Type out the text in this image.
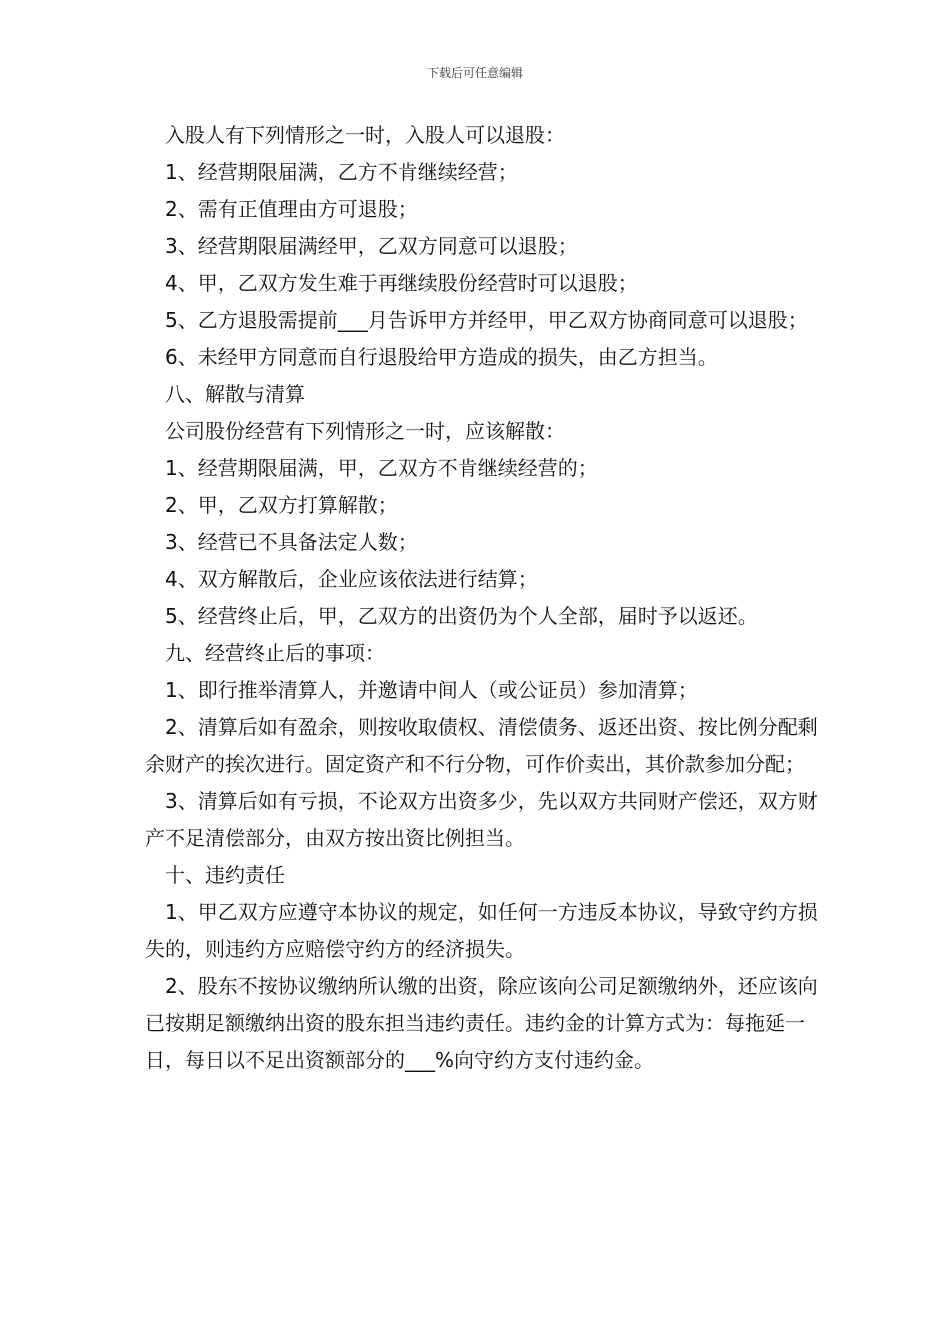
下载后可任意编辑

入股人有下列情形之一时，入股人可以退股：

1、经营期限届满，乙方不肯继续经营；

2、需有正值理由方可退股；

3、经营期限届满经甲，乙双方同意可以退股；

4、甲，乙双方发生难于再继续股份经营时可以退股；

5、乙方退股需提前___月告诉甲方并经甲，甲乙双方协商同意可以退股；

6、未经甲方同意而自行退股给甲方造成的损失，由乙方担当。

八、解散与清算

公司股份经营有下列情形之一时，应该解散：

1、经营期限届满，甲，乙双方不肯继续经营的；

2、甲，乙双方打算解散；

3、经营已不具备法定人数；

4、双方解散后，企业应该依法进行结算；

5、经营终止后，甲，乙双方的出资仍为个人全部，届时予以返还。

九、经营终止后的事项：

1、即行推举清算人，并邀请中间人（或公证员）参加清算；

2、清算后如有盈余，则按收取债权、清偿债务、返还出资、按比例分配剩余财产的挨次进行。固定资产和不行分物，可作价卖出，其价款参加分配；

3、清算后如有亏损，不论双方出资多少，先以双方共同财产偿还，双方财产不足清偿部分，由双方按出资比例担当。

十、违约责任

1、甲乙双方应遵守本协议的规定，如任何一方违反本协议，导致守约方损失的，则违约方应赔偿守约方的经济损失。

2、股东不按协议缴纳所认缴的出资，除应该向公司足额缴纳外，还应该向已按期足额缴纳出资的股东担当违约责任。违约金的计算方式为：每拖延一日，每日以不足出资额部分的___%向守约方支付违约金。
